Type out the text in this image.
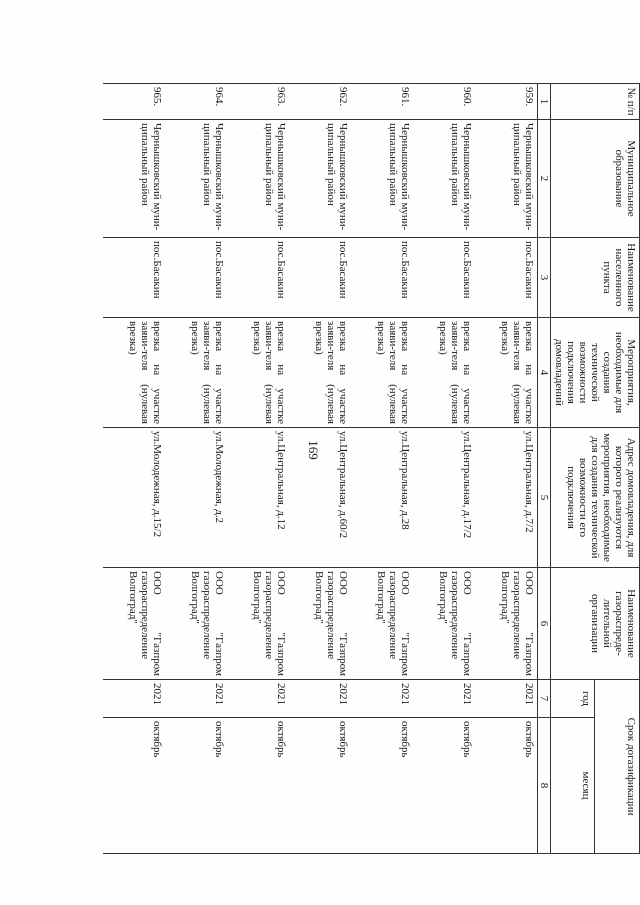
169
№ п/п	Муниципальное образование	Наименование населенного пункта	Мероприятия, необходимые для создания технической возможности подключения домовладений	Адрес домовладения, для которого реализуются мероприятия, необходимые для создания технической возможности его подключения	Наименование газораспреде-лительной организации	Срок догазификации	
						год	месяц
1	2	3	4	5	6	7	8
959.	Чернышковский муни-ципальный район	пос.Басакин	врезка на участке заяви-теля (нулевая врезка)	ул.Центральная, д.7/2	ООО "Газпром газораспределение Волгоград"	2021	октябрь
960.	Чернышковский муни-ципальный район	пос.Басакин	врезка на участке заяви-теля (нулевая врезка)	ул.Центральная, д.17/2	ООО "Газпром газораспределение Волгоград"	2021	октябрь
961.	Чернышковский муни-ципальный район	пос.Басакин	врезка на участке заяви-теля (нулевая врезка)	ул.Центральная, д.28	ООО "Газпром газораспределение Волгоград"	2021	октябрь
962.	Чернышковский муни-ципальный район	пос.Басакин	врезка на участке заяви-теля (нулевая врезка)	ул.Центральная, д.60/2	ООО "Газпром газораспределение Волгоград"	2021	октябрь
963.	Чернышковский муни-ципальный район	пос.Басакин	врезка на участке заяви-теля (нулевая врезка)	ул.Центральная, д.12	ООО "Газпром газораспределение Волгоград"	2021	октябрь
964.	Чернышковский муни-ципальный район	пос.Басакин	врезка на участке заяви-теля (нулевая врезка)	ул.Молодежная, д.2	ООО "Газпром газораспределение Волгоград"	2021	октябрь
965.	Чернышковский муни-ципальный район	пос.Басакин	врезка на участке заяви-теля (нулевая врезка)	ул.Молодежная, д.15/2	ООО "Газпром газораспределение Волгоград"	2021	октябрь
